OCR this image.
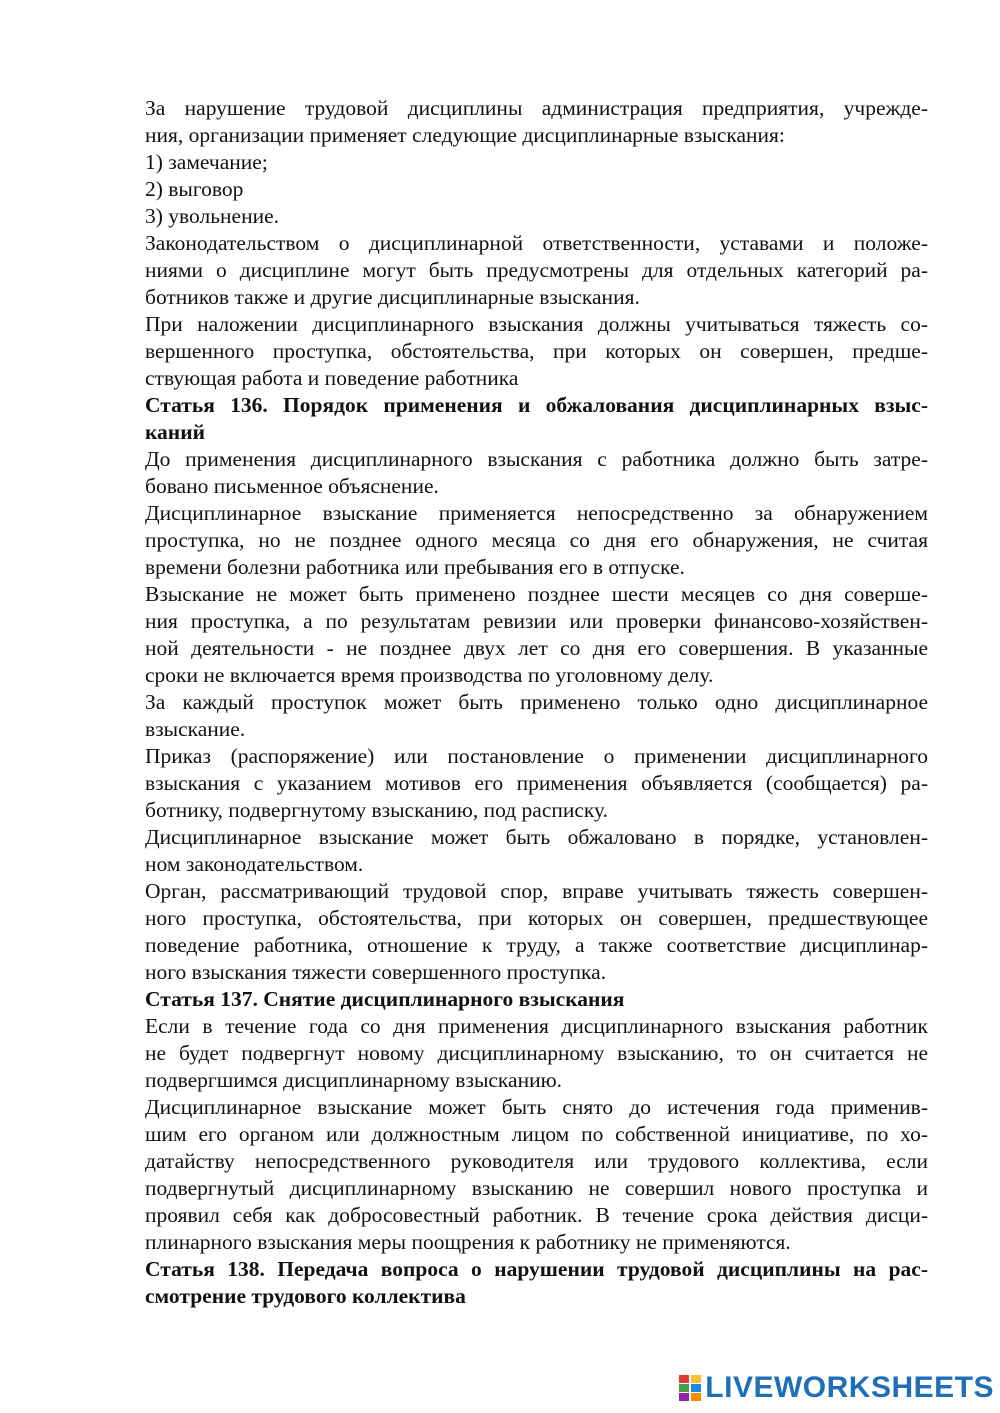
За нарушение трудовой дисциплины администрация предприятия, учрежде-
ния, организации применяет следующие дисциплинарные взыскания:
1) замечание;
2) выговор
3) увольнение.
Законодательством о дисциплинарной ответственности, уставами и положе-
ниями о дисциплине могут быть предусмотрены для отдельных категорий ра-
ботников также и другие дисциплинарные взыскания.
При наложении дисциплинарного взыскания должны учитываться тяжесть со-
вершенного проступка, обстоятельства, при которых он совершен, предше-
ствующая работа и поведение работника
Статья 136. Порядок применения и обжалования дисциплинарных взыс-
каний
До применения дисциплинарного взыскания с работника должно быть затре-
бовано письменное объяснение.
Дисциплинарное взыскание применяется непосредственно за обнаружением
проступка, но не позднее одного месяца со дня его обнаружения, не считая
времени болезни работника или пребывания его в отпуске.
Взыскание не может быть применено позднее шести месяцев со дня соверше-
ния проступка, а по результатам ревизии или проверки финансово-хозяйствен-
ной деятельности - не позднее двух лет со дня его совершения. В указанные
сроки не включается время производства по уголовному делу.
За каждый проступок может быть применено только одно дисциплинарное
взыскание.
Приказ (распоряжение) или постановление о применении дисциплинарного
взыскания с указанием мотивов его применения объявляется (сообщается) ра-
ботнику, подвергнутому взысканию, под расписку.
Дисциплинарное взыскание может быть обжаловано в порядке, установлен-
ном законодательством.
Орган, рассматривающий трудовой спор, вправе учитывать тяжесть совершен-
ного проступка, обстоятельства, при которых он совершен, предшествующее
поведение работника, отношение к труду, а также соответствие дисциплинар-
ного взыскания тяжести совершенного проступка.
Статья 137. Снятие дисциплинарного взыскания
Если в течение года со дня применения дисциплинарного взыскания работник
не будет подвергнут новому дисциплинарному взысканию, то он считается не
подвергшимся дисциплинарному взысканию.
Дисциплинарное взыскание может быть снято до истечения года применив-
шим его органом или должностным лицом по собственной инициативе, по хо-
датайству непосредственного руководителя или трудового коллектива, если
подвергнутый дисциплинарному взысканию не совершил нового проступка и
проявил себя как добросовестный работник. В течение срока действия дисци-
плинарного взыскания меры поощрения к работнику не применяются.
Статья 138. Передача вопроса о нарушении трудовой дисциплины на рас-
смотрение трудового коллектива
LIVEWORKSHEETS
